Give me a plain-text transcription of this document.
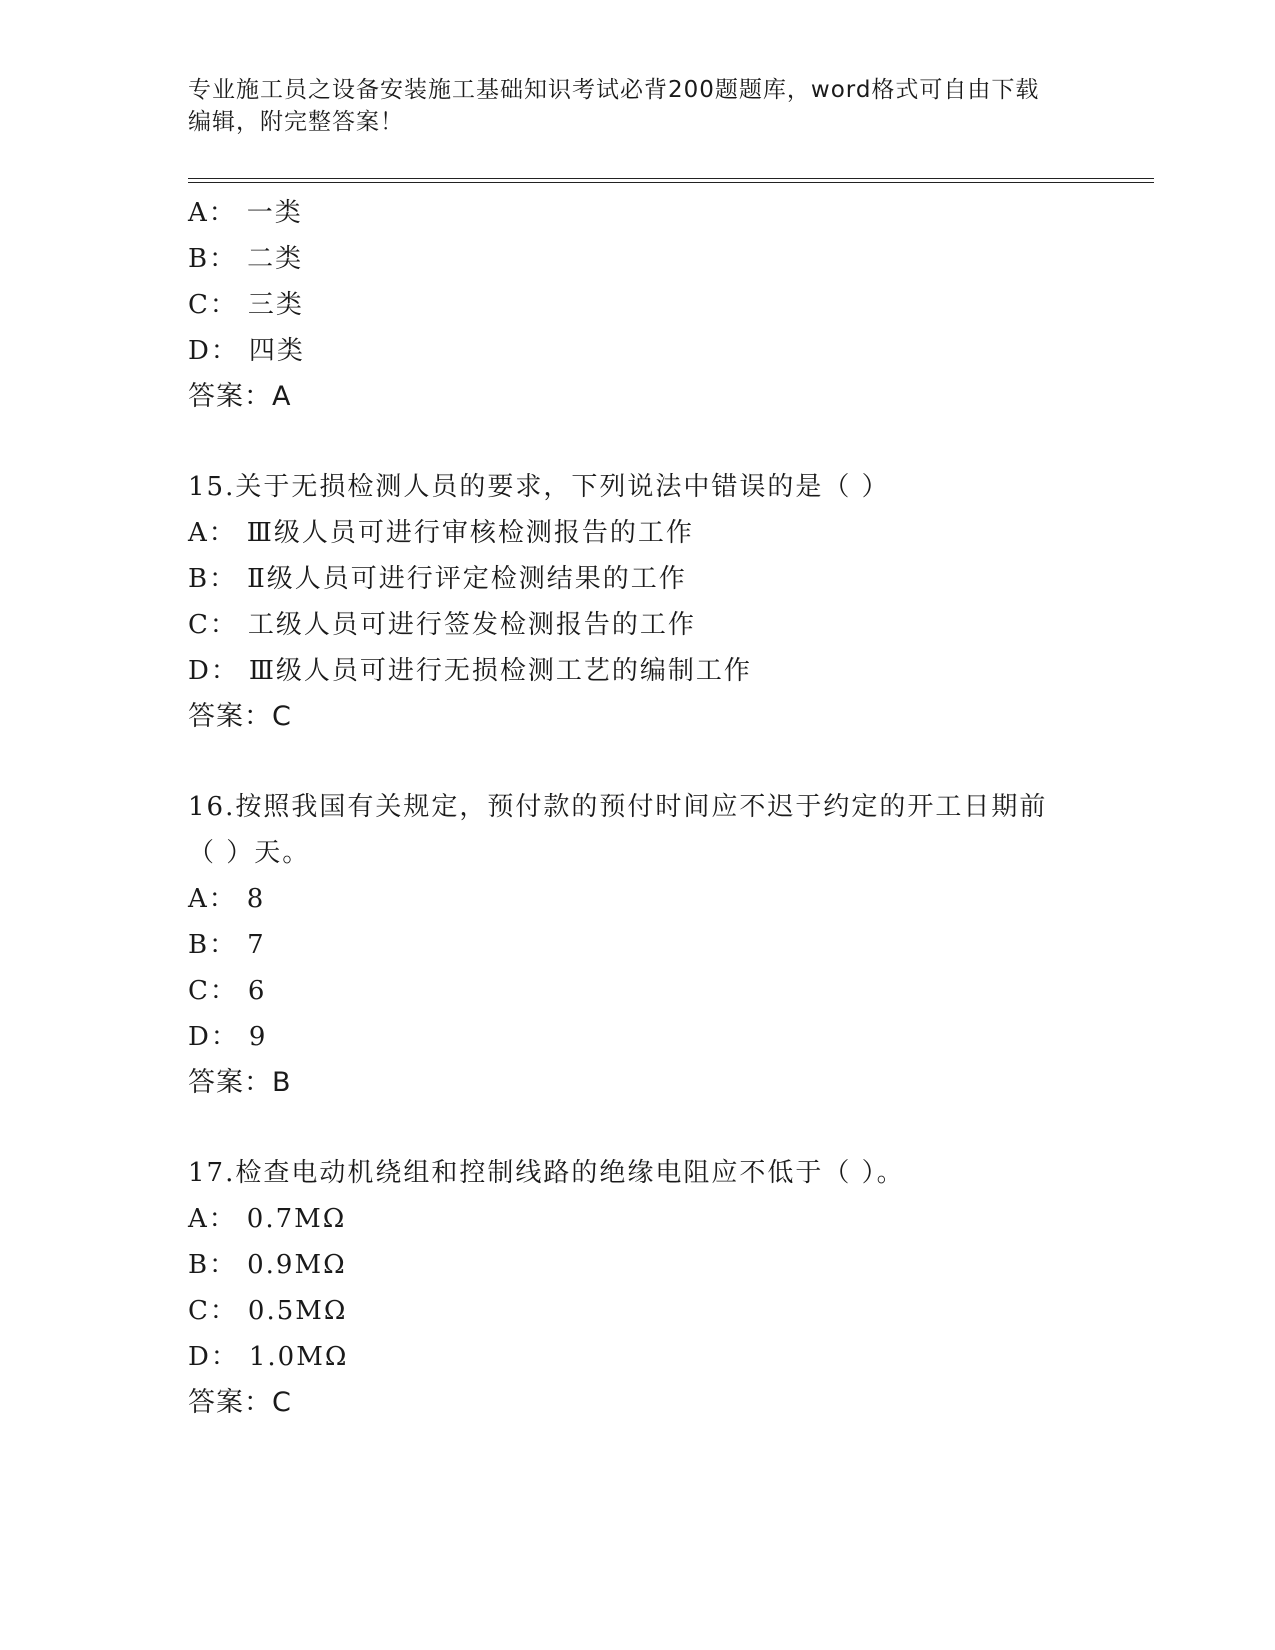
专业施工员之设备安装施工基础知识考试必背200题题库，word格式可自由下载
编辑，附完整答案！
A： 一类
B： 二类
C： 三类
D： 四类
答案：A
15.关于无损检测人员的要求，下列说法中错误的是（ ）
A： Ⅲ级人员可进行审核检测报告的工作
B： Ⅱ级人员可进行评定检测结果的工作
C： 工级人员可进行签发检测报告的工作
D： Ⅲ级人员可进行无损检测工艺的编制工作
答案：C
16.按照我国有关规定，预付款的预付时间应不迟于约定的开工日期前
（ ）天。
A： 8
B： 7
C： 6
D： 9
答案：B
17.检查电动机绕组和控制线路的绝缘电阻应不低于（ ）。
A： 0.7MΩ
B： 0.9MΩ
C： 0.5MΩ
D： 1.0MΩ
答案：C
